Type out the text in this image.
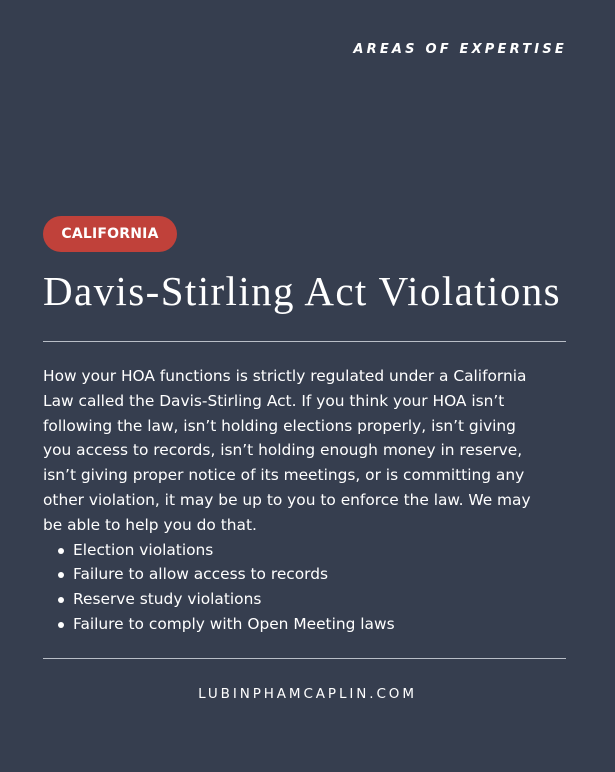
AREAS OF EXPERTISE
CALIFORNIA
Davis-Stirling Act Violations

How your HOA functions is strictly regulated under a California
Law called the Davis-Stirling Act. If you think your HOA isn’t
following the law, isn’t holding elections properly, isn’t giving
you access to records, isn’t holding enough money in reserve,
isn’t giving proper notice of its meetings, or is committing any
other violation, it may be up to you to enforce the law. We may
be able to help you do that.

Election violations
Failure to allow access to records
Reserve study violations
Failure to comply with Open Meeting laws
LUBINPHAMCAPLIN.COM
